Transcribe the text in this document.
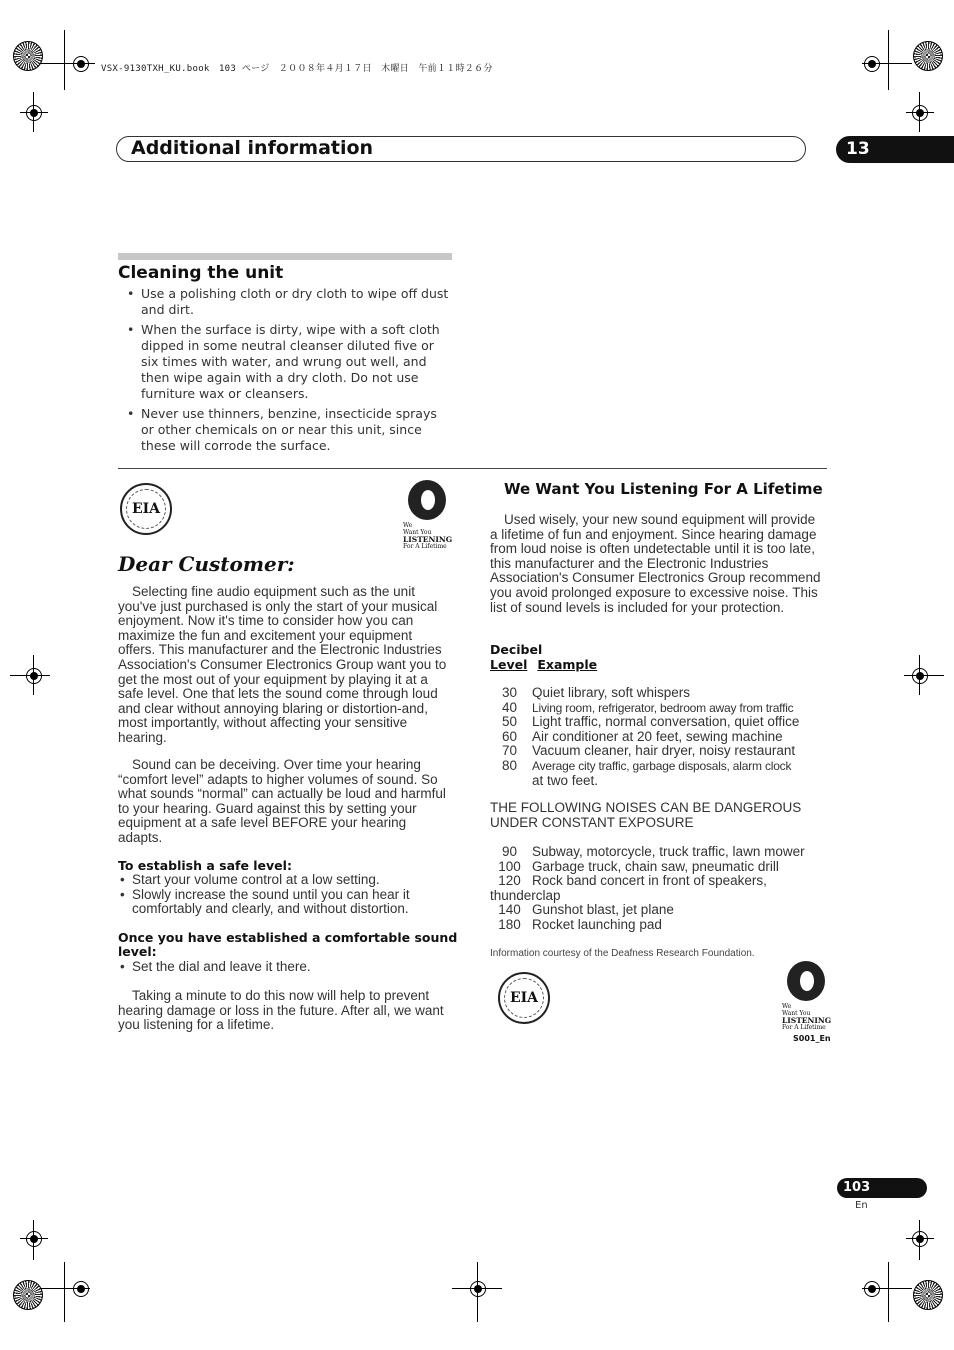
VSX-9130TXH_KU.book　103 ページ　２００８年４月１７日　木曜日　午前１１時２６分
Additional information	13
Cleaning the unit
• Use a polishing cloth or dry cloth to wipe off dust and dirt.
• When the surface is dirty, wipe with a soft cloth dipped in some neutral cleanser diluted five or six times with water, and wrung out well, and then wipe again with a dry cloth. Do not use furniture wax or cleansers.
• Never use thinners, benzine, insecticide sprays or other chemicals on or near this unit, since these will corrode the surface.
EIA
We
Want You
LISTENING
For A Lifetime
Dear Customer:
Selecting fine audio equipment such as the unit you've just purchased is only the start of your musical enjoyment. Now it's time to consider how you can maximize the fun and excitement your equipment offers. This manufacturer and the Electronic Industries Association's Consumer Electronics Group want you to get the most out of your equipment by playing it at a safe level. One that lets the sound come through loud and clear without annoying blaring or distortion-and, most importantly, without affecting your sensitive hearing.
Sound can be deceiving. Over time your hearing “comfort level” adapts to higher volumes of sound. So what sounds “normal” can actually be loud and harmful to your hearing. Guard against this by setting your equipment at a safe level BEFORE your hearing adapts.
To establish a safe level:
• Start your volume control at a low setting.
• Slowly increase the sound until you can hear it comfortably and clearly, and without distortion.
Once you have established a comfortable sound level:
• Set the dial and leave it there.
Taking a minute to do this now will help to prevent hearing damage or loss in the future. After all, we want you listening for a lifetime.
We Want You Listening For A Lifetime
Used wisely, your new sound equipment will provide a lifetime of fun and enjoyment. Since hearing damage from loud noise is often undetectable until it is too late, this manufacturer and the Electronic Industries Association's Consumer Electronics Group recommend you avoid prolonged exposure to excessive noise. This list of sound levels is included for your protection.
Decibel
Level Example
30	Quiet library, soft whispers
40	Living room, refrigerator, bedroom away from traffic
50	Light traffic, normal conversation, quiet office
60	Air conditioner at 20 feet, sewing machine
70	Vacuum cleaner, hair dryer, noisy restaurant
80	Average city traffic, garbage disposals, alarm clock
at two feet.
THE FOLLOWING NOISES CAN BE DANGEROUS UNDER CONSTANT EXPOSURE
90	Subway, motorcycle, truck traffic, lawn mower
100 Garbage truck, chain saw, pneumatic drill
120 Rock band concert in front of speakers,
thunderclap
140 Gunshot blast, jet plane
180 Rocket launching pad
Information courtesy of the Deafness Research Foundation.
EIA
We
Want You
LISTENING
For A Lifetime
S001_En
103
En
